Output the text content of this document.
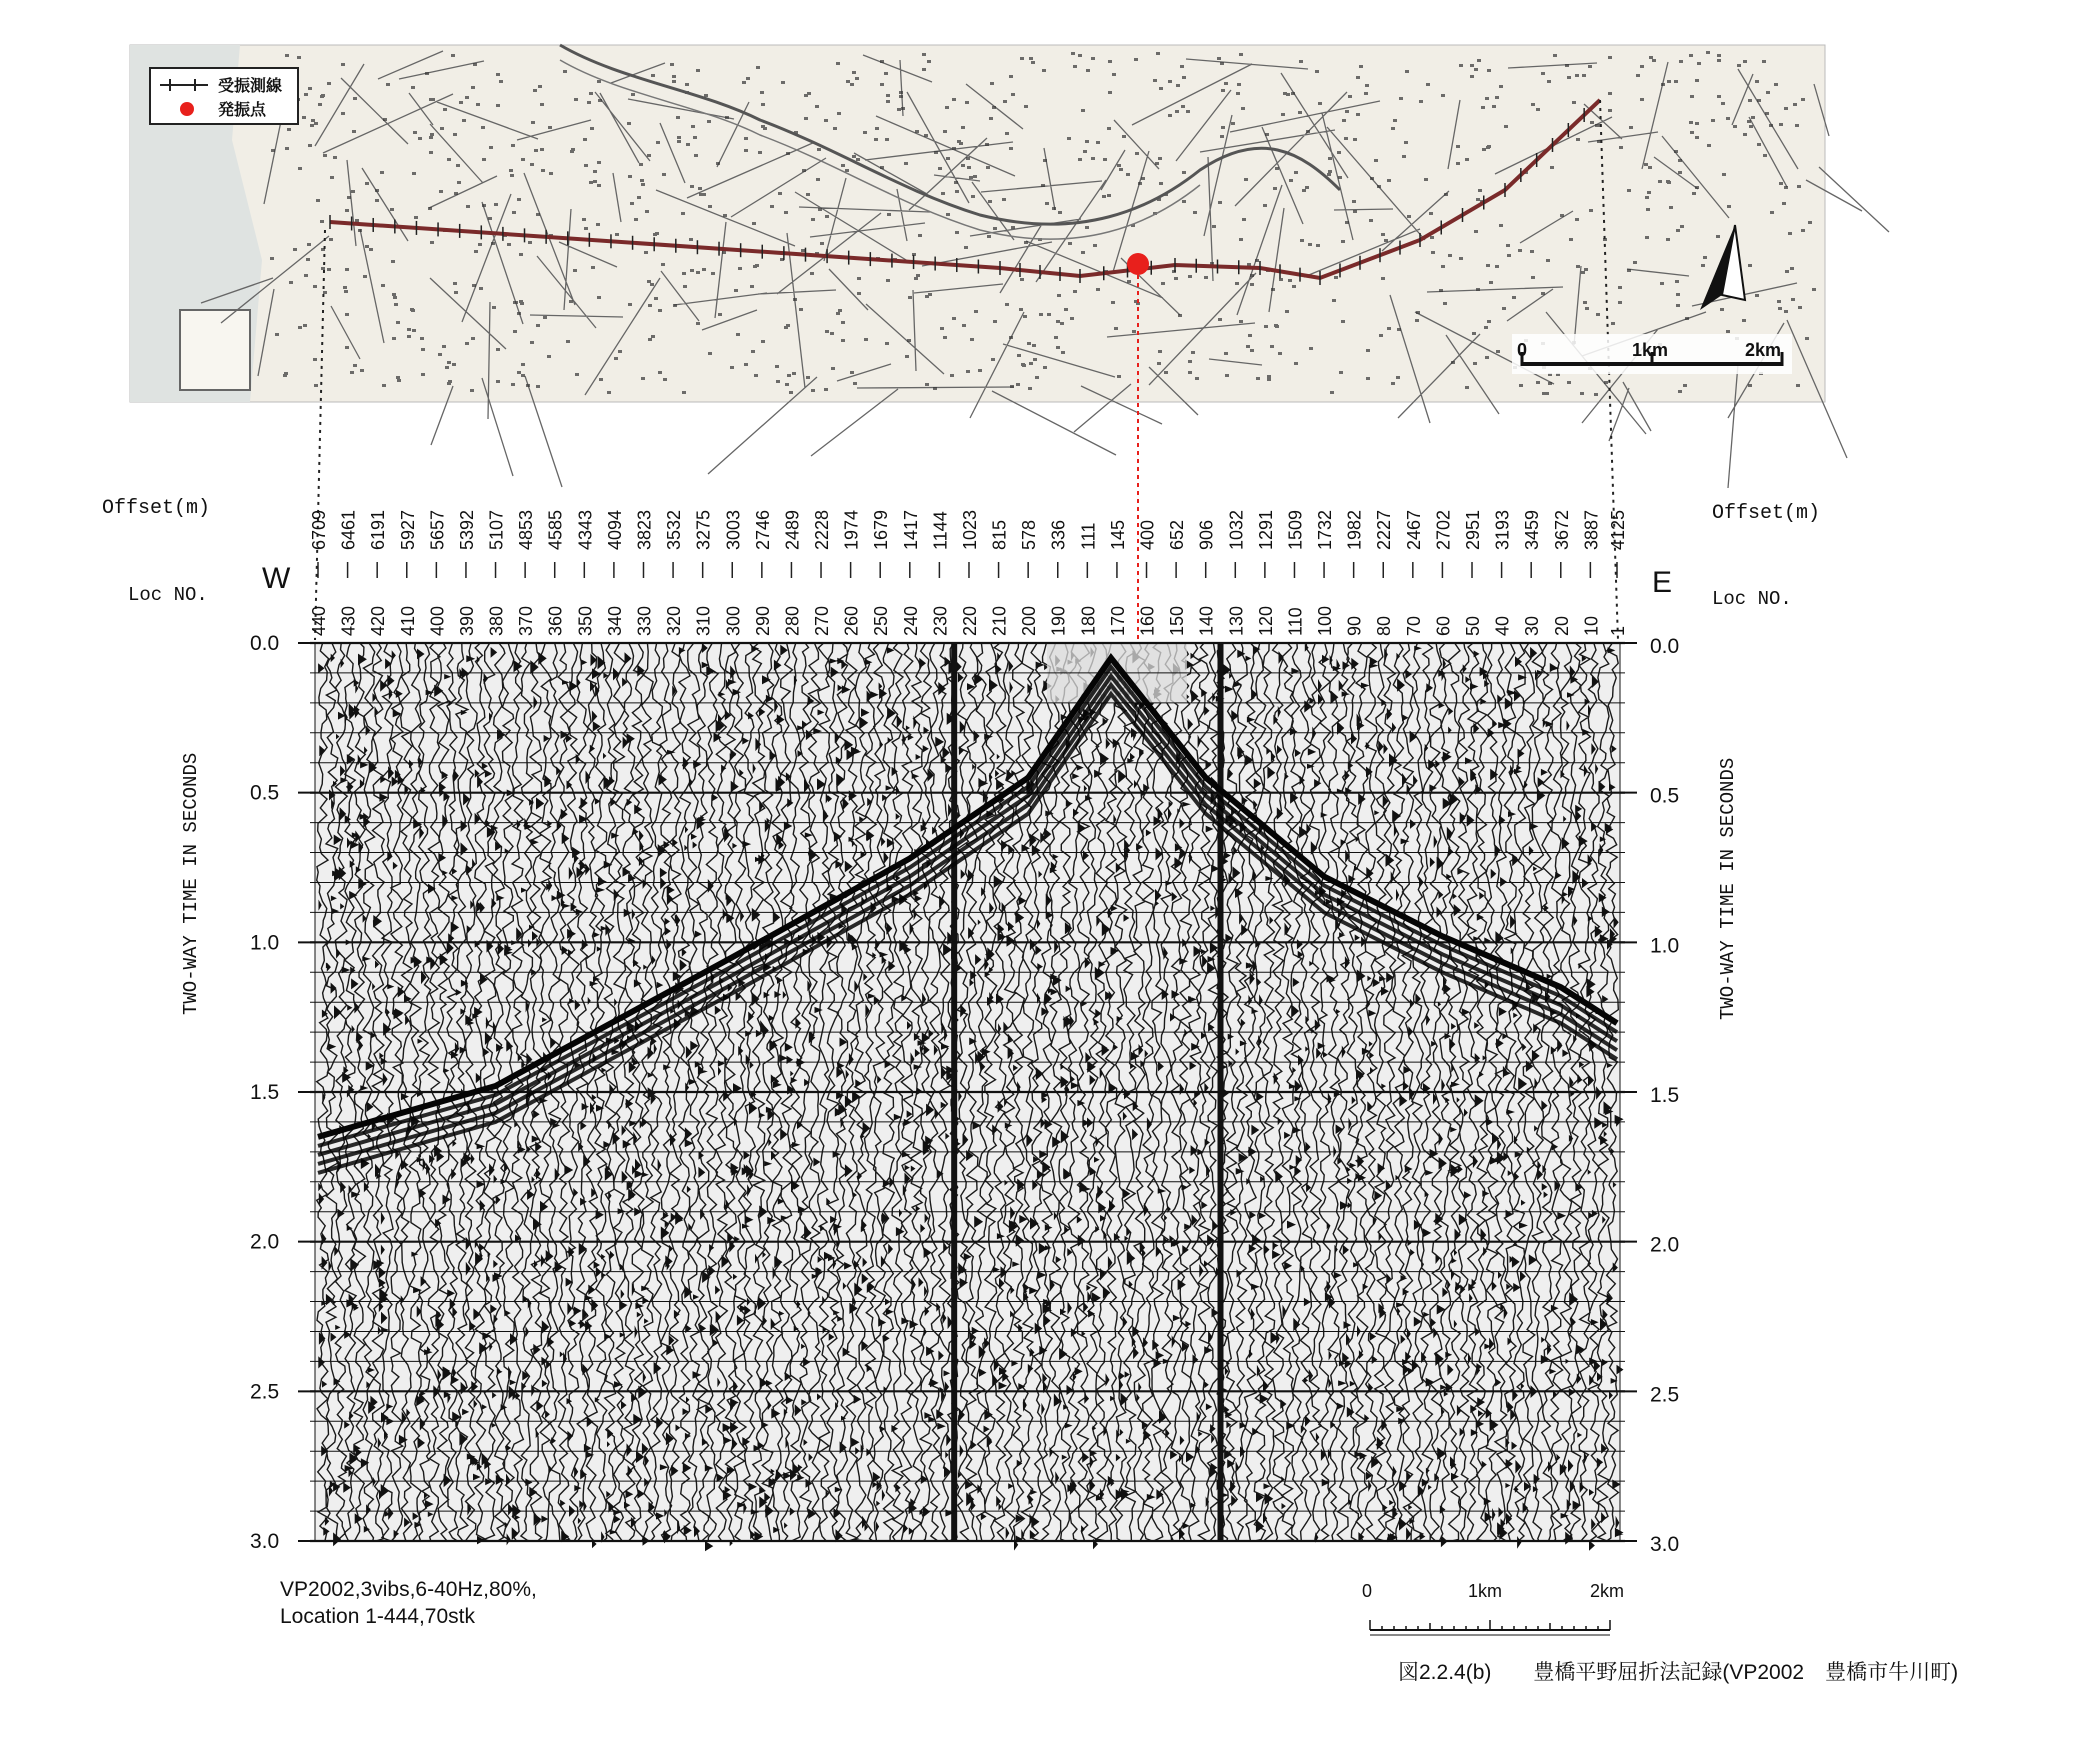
受振測線
発振点
0	1km	2km
Offset(m)	Offset(m)
Loc NO.	Loc NO.
W	E
6709
440
6461
430
6191
420
5927
410
5657
400
5392
390
5107
380
4853
370
4585
360
4343
350
4094
340
3823
330
3532
320
3275
310
3003
300
2746
290
2489
280
2228
270
1974
260
1679
250
1417
240
1144
230
1023
220
815
210
578
200
336
190
111
180
145
170
400
160
652
150
906
140
1032
130
1291
120
1509
110
1732
100
1982
90
2227
80
2467
70
2702
60
2951
50
3193
40
3459
30
3672
20
3887
10
4125
1
0.0
0.5
1.0
1.5
2.0
2.5
3.0
0.0
0.5
1.0
1.5
2.0
2.5
3.0
TWO-WAY TIME IN SECONDS	TWO-WAY TIME IN SECONDS
VP2002,3vibs,6-40Hz,80%,
Location 1-444,70stk
0	1km	2km
図2.2.4(b)　　豊橋平野屈折法記録(VP2002　豊橋市牛川町)
